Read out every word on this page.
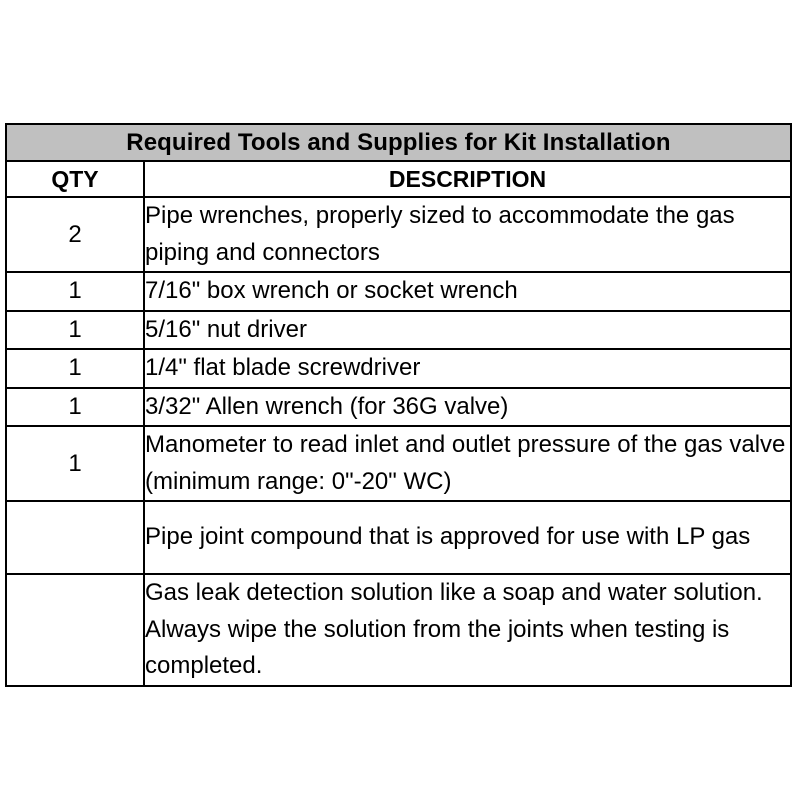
Required Tools and Supplies for Kit Installation	
QTY	DESCRIPTION
2	Pipe wrenches, properly sized to accommodate the gas piping and connectors
1	7/16" box wrench or socket wrench
1	5/16" nut driver
1	1/4" flat blade screwdriver
1	3/32" Allen wrench (for 36G valve)
1	Manometer to read inlet and outlet pressure of the gas valve (minimum range: 0"-20" WC)
	Pipe joint compound that is approved for use with LP gas
	Gas leak detection solution like a soap and water solution. Always wipe the solution from the joints when testing is completed.
